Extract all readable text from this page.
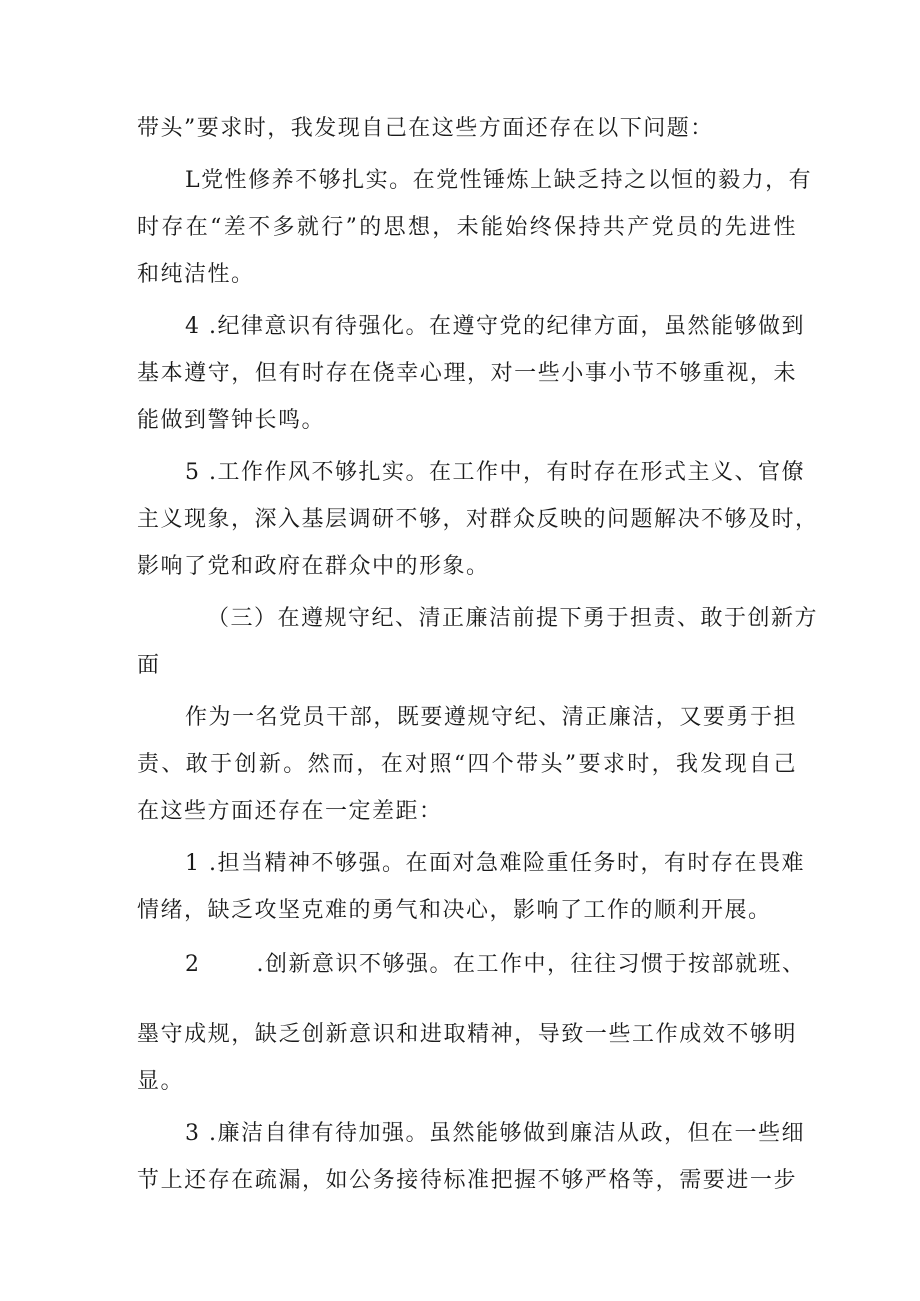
带头”要求时，我发现自己在这些方面还存在以下问题：
L党性修养不够扎实。在党性锤炼上缺乏持之以恒的毅力，有
时存在“差不多就行”的思想，未能始终保持共产党员的先进性
和纯洁性。
4 .纪律意识有待强化。在遵守党的纪律方面，虽然能够做到
基本遵守，但有时存在侥幸心理，对一些小事小节不够重视，未
能做到警钟长鸣。
5 .工作作风不够扎实。在工作中，有时存在形式主义、官僚
主义现象，深入基层调研不够，对群众反映的问题解决不够及时，
影响了党和政府在群众中的形象。
（三）在遵规守纪、清正廉洁前提下勇于担责、敢于创新方
面
作为一名党员干部，既要遵规守纪、清正廉洁，又要勇于担
责、敢于创新。然而，在对照“四个带头”要求时，我发现自己
在这些方面还存在一定差距：
1 .担当精神不够强。在面对急难险重任务时，有时存在畏难
情绪，缺乏攻坚克难的勇气和决心，影响了工作的顺利开展。
2	.创新意识不够强。在工作中，往往习惯于按部就班、
墨守成规，缺乏创新意识和进取精神，导致一些工作成效不够明
显。
3 .廉洁自律有待加强。虽然能够做到廉洁从政，但在一些细
节上还存在疏漏，如公务接待标准把握不够严格等，需要进一步
